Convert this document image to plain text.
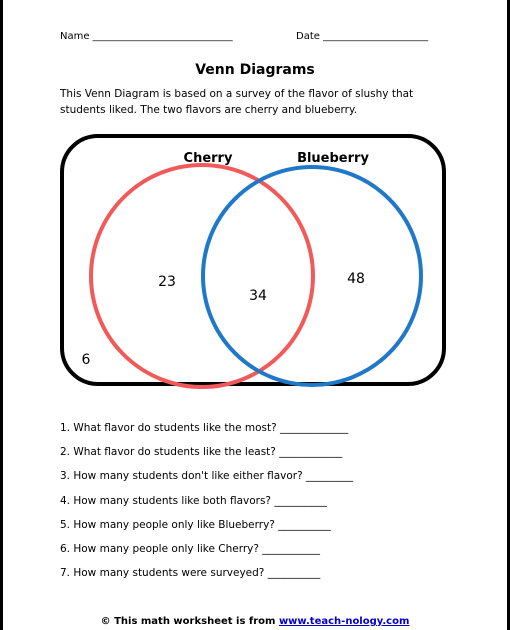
Name ____________________________	Date _____________________
Venn Diagrams
This Venn Diagram is based on a survey of the flavor of slushy that students liked. The two flavors are cherry and blueberry.
Cherry	Blueberry
23
34
48
6
1. What flavor do students like the most? _____________
2. What flavor do students like the least? ____________
3. How many students don't like either flavor? _________
4. How many students like both flavors? __________
5. How many people only like Blueberry? __________
6. How many people only like Cherry? ___________
7. How many students were surveyed? __________
© This math worksheet is from www.teach-nology.com
